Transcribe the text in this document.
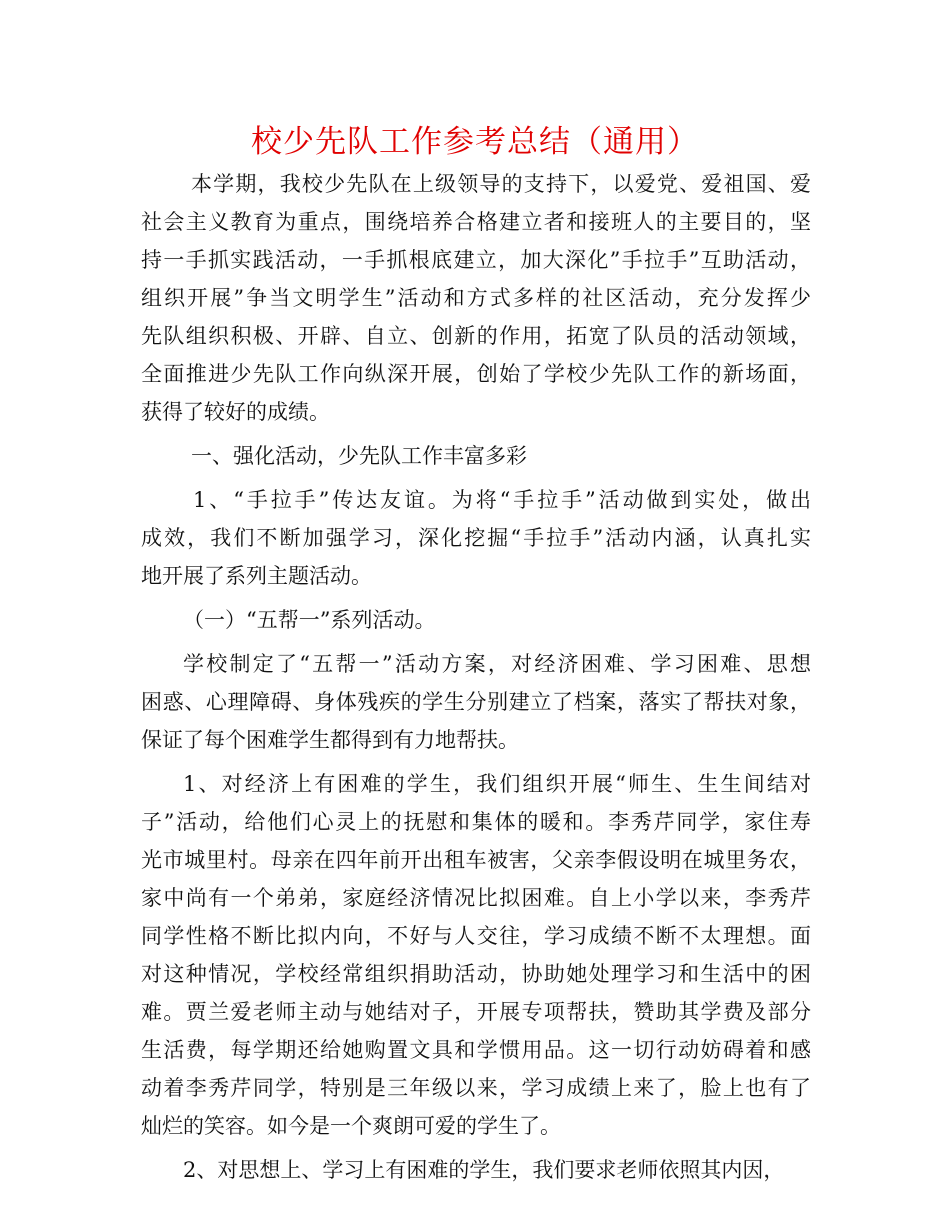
校少先队工作参考总结（通用）
本学期，我校少先队在上级领导的支持下，以爱党、爱祖国、爱
社会主义教育为重点，围绕培养合格建立者和接班人的主要目的，坚
持一手抓实践活动，一手抓根底建立，加大深化”手拉手”互助活动，
组织开展”争当文明学生”活动和方式多样的社区活动，充分发挥少
先队组织积极、开辟、自立、创新的作用，拓宽了队员的活动领域，
全面推进少先队工作向纵深开展，创始了学校少先队工作的新场面，
获得了较好的成绩。
一、强化活动，少先队工作丰富多彩
1、“手拉手”传达友谊。为将“手拉手”活动做到实处，做出
成效，我们不断加强学习，深化挖掘“手拉手”活动内涵，认真扎实
地开展了系列主题活动。
（一）“五帮一”系列活动。
学校制定了“五帮一”活动方案，对经济困难、学习困难、思想
困惑、心理障碍、身体残疾的学生分别建立了档案，落实了帮扶对象，
保证了每个困难学生都得到有力地帮扶。
1、对经济上有困难的学生，我们组织开展“师生、生生间结对
子”活动，给他们心灵上的抚慰和集体的暖和。李秀芹同学，家住寿
光市城里村。母亲在四年前开出租车被害，父亲李假设明在城里务农，
家中尚有一个弟弟，家庭经济情况比拟困难。自上小学以来，李秀芹
同学性格不断比拟内向，不好与人交往，学习成绩不断不太理想。面
对这种情况，学校经常组织捐助活动，协助她处理学习和生活中的困
难。贾兰爱老师主动与她结对子，开展专项帮扶，赞助其学费及部分
生活费，每学期还给她购置文具和学惯用品。这一切行动妨碍着和感
动着李秀芹同学，特别是三年级以来，学习成绩上来了，脸上也有了
灿烂的笑容。如今是一个爽朗可爱的学生了。
2、对思想上、学习上有困难的学生，我们要求老师依照其内因，
